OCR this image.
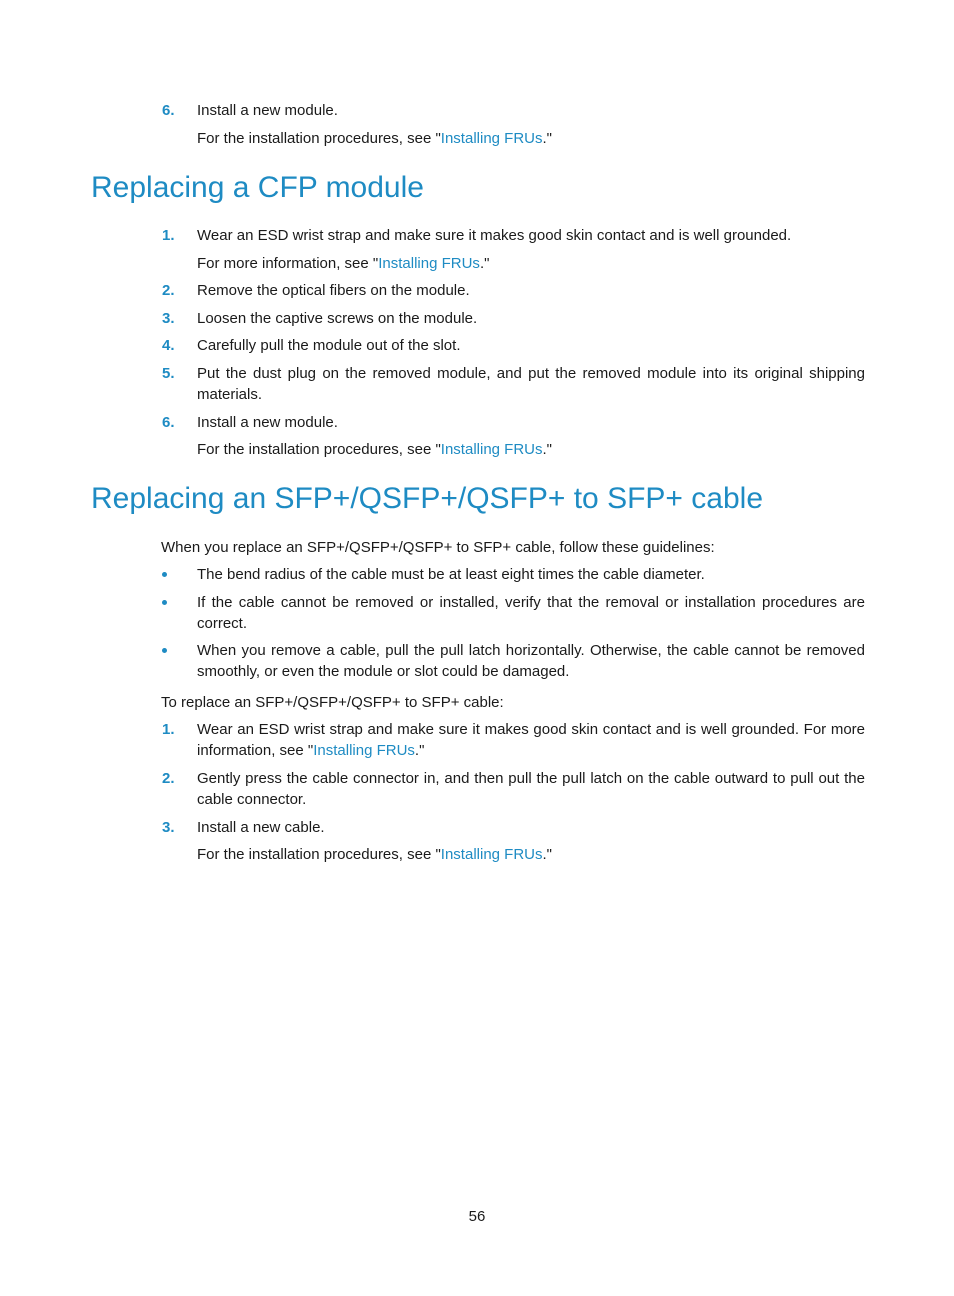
6. Install a new module.
For the installation procedures, see "Installing FRUs."
Replacing a CFP module
1. Wear an ESD wrist strap and make sure it makes good skin contact and is well grounded.
For more information, see "Installing FRUs."
2. Remove the optical fibers on the module.
3. Loosen the captive screws on the module.
4. Carefully pull the module out of the slot.
5. Put the dust plug on the removed module, and put the removed module into its original shipping materials.
6. Install a new module.
For the installation procedures, see "Installing FRUs."
Replacing an SFP+/QSFP+/QSFP+ to SFP+ cable
When you replace an SFP+/QSFP+/QSFP+ to SFP+ cable, follow these guidelines:
The bend radius of the cable must be at least eight times the cable diameter.
If the cable cannot be removed or installed, verify that the removal or installation procedures are correct.
When you remove a cable, pull the pull latch horizontally. Otherwise, the cable cannot be removed smoothly, or even the module or slot could be damaged.
To replace an SFP+/QSFP+/QSFP+ to SFP+ cable:
1. Wear an ESD wrist strap and make sure it makes good skin contact and is well grounded. For more information, see "Installing FRUs."
2. Gently press the cable connector in, and then pull the pull latch on the cable outward to pull out the cable connector.
3. Install a new cable.
For the installation procedures, see "Installing FRUs."
56
